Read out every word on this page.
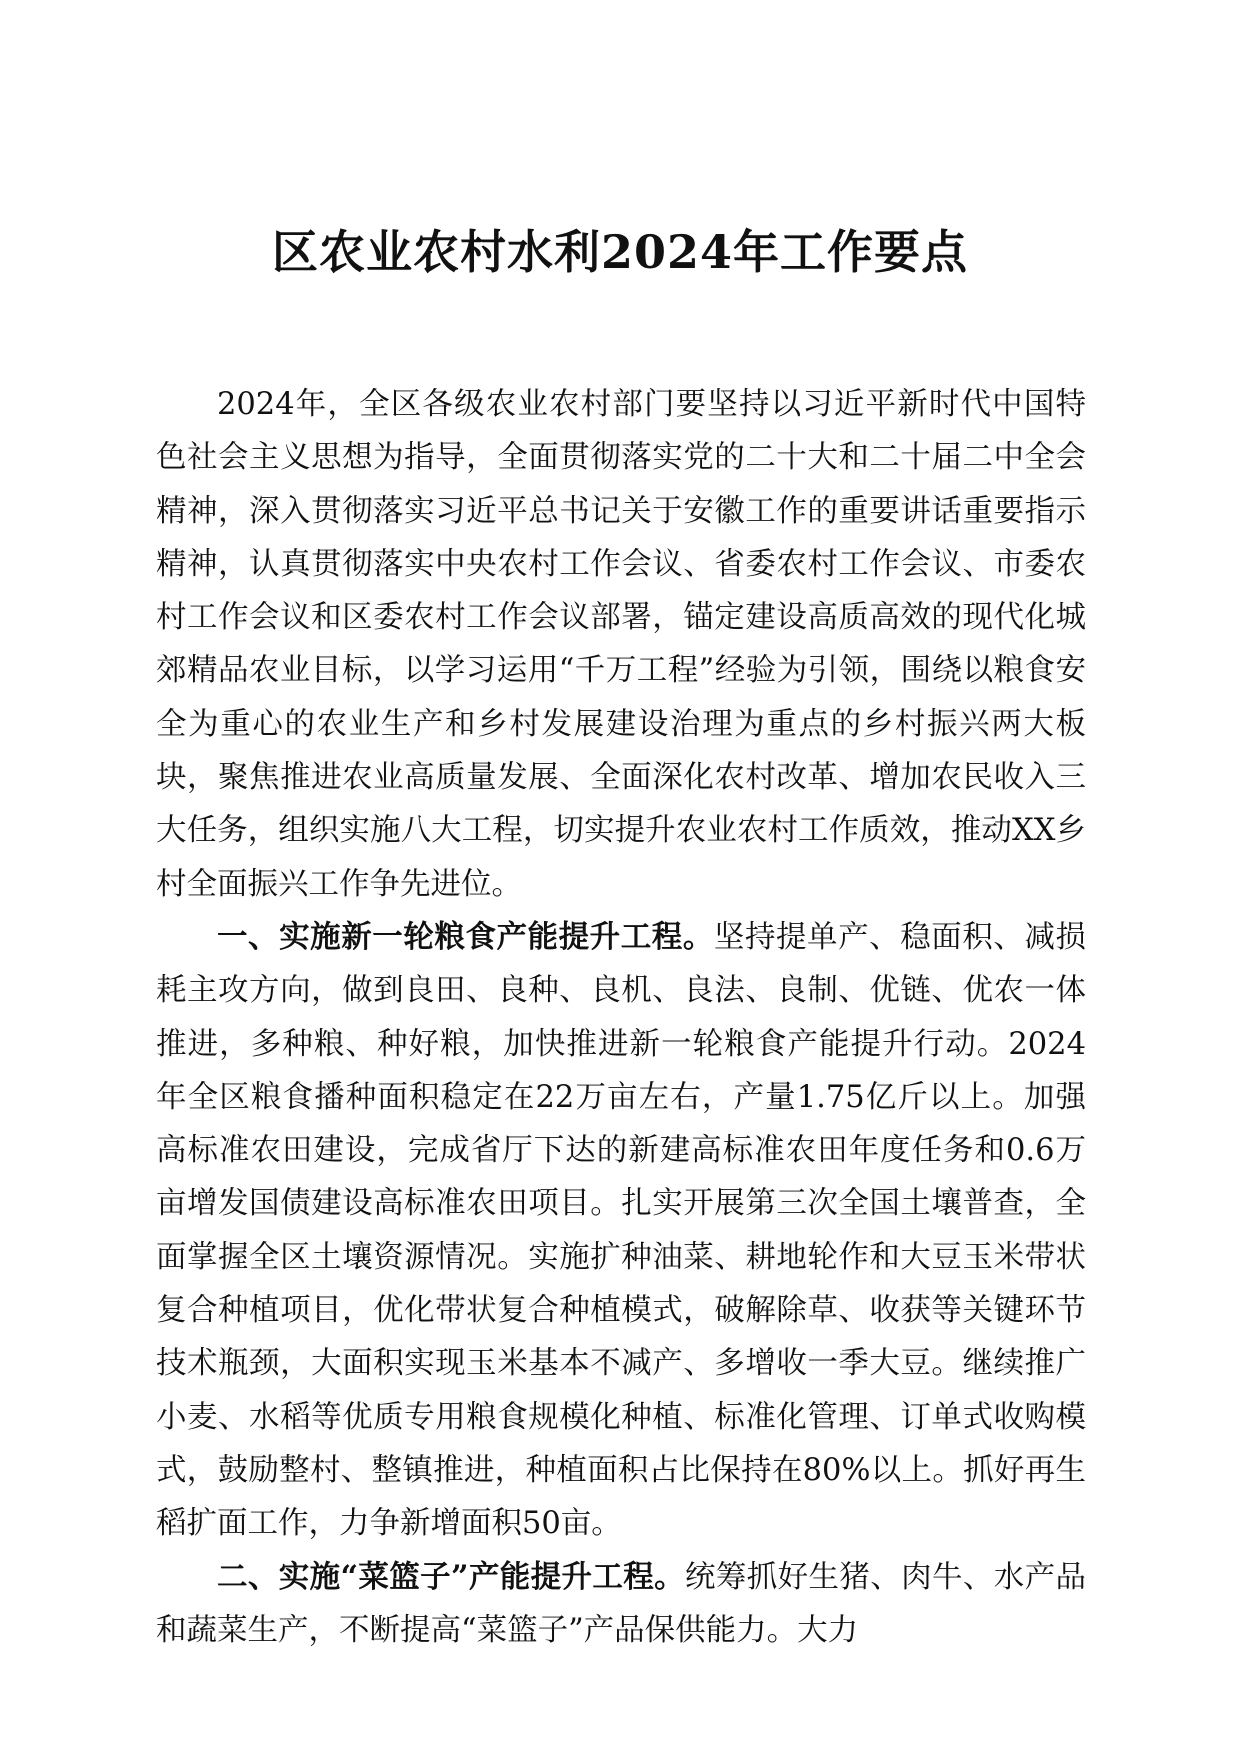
区农业农村水利2024年工作要点

2024年，全区各级农业农村部门要坚持以习近平新时代中国特色社会主义思想为指导，全面贯彻落实党的二十大和二十届二中全会精神，深入贯彻落实习近平总书记关于安徽工作的重要讲话重要指示精神，认真贯彻落实中央农村工作会议、省委农村工作会议、市委农村工作会议和区委农村工作会议部署，锚定建设高质高效的现代化城郊精品农业目标，以学习运用“千万工程”经验为引领，围绕以粮食安全为重心的农业生产和乡村发展建设治理为重点的乡村振兴两大板块，聚焦推进农业高质量发展、全面深化农村改革、增加农民收入三大任务，组织实施八大工程，切实提升农业农村工作质效，推动XX乡村全面振兴工作争先进位。

一、实施新一轮粮食产能提升工程。坚持提单产、稳面积、减损耗主攻方向，做到良田、良种、良机、良法、良制、优链、优农一体推进，多种粮、种好粮，加快推进新一轮粮食产能提升行动。2024年全区粮食播种面积稳定在22万亩左右，产量1.75亿斤以上。加强高标准农田建设，完成省厅下达的新建高标准农田年度任务和0.6万亩增发国债建设高标准农田项目。扎实开展第三次全国土壤普查，全面掌握全区土壤资源情况。实施扩种油菜、耕地轮作和大豆玉米带状复合种植项目，优化带状复合种植模式，破解除草、收获等关键环节技术瓶颈，大面积实现玉米基本不减产、多增收一季大豆。继续推广小麦、水稻等优质专用粮食规模化种植、标准化管理、订单式收购模式，鼓励整村、整镇推进，种植面积占比保持在80%以上。抓好再生稻扩面工作，力争新增面积50亩。

二、实施“菜篮子”产能提升工程。统筹抓好生猪、肉牛、水产品和蔬菜生产，不断提高“菜篮子”产品保供能力。大力
